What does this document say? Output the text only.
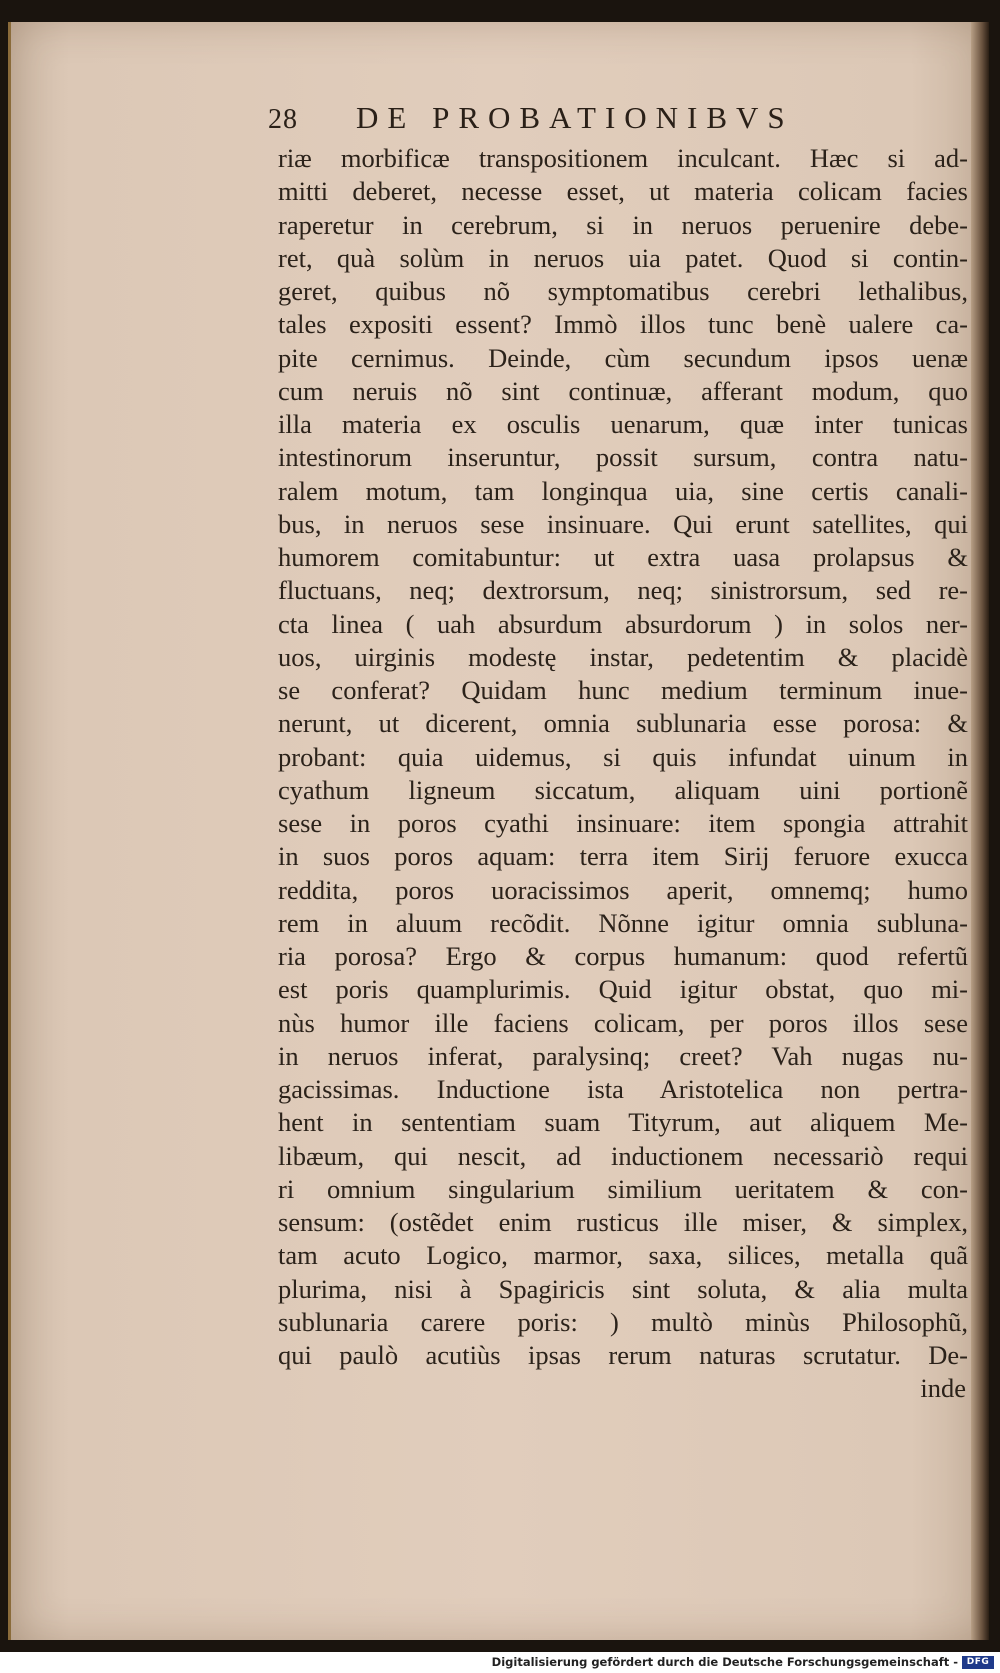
28 DE PROBATIONIBVS
riæ morbificæ transpositionem inculcant. Hæc si ad-
mitti deberet, necesse esset, ut materia colicam facies
raperetur in cerebrum, si in neruos peruenire debe-
ret, quà solùm in neruos uia patet. Quod si contin-
geret, quibus nõ symptomatibus cerebri lethalibus,
tales expositi essent? Immò illos tunc benè ualere ca-
pite cernimus. Deinde, cùm secundum ipsos uenæ
cum neruis nõ sint continuæ, afferant modum, quo
illa materia ex osculis uenarum, quæ inter tunicas
intestinorum inseruntur, possit sursum, contra natu-
ralem motum, tam longinqua uia, sine certis canali-
bus, in neruos sese insinuare. Qui erunt satellites, qui
humorem comitabuntur: ut extra uasa prolapsus &
fluctuans, neq; dextrorsum, neq; sinistrorsum, sed re-
cta linea ( uah absurdum absurdorum ) in solos ner-
uos, uirginis modestę instar, pedetentim & placidè
se conferat? Quidam hunc medium terminum inue-
nerunt, ut dicerent, omnia sublunaria esse porosa: &
probant: quia uidemus, si quis infundat uinum in
cyathum ligneum siccatum, aliquam uini portionẽ
sese in poros cyathi insinuare: item spongia attrahit
in suos poros aquam: terra item Sirij feruore exucca
reddita, poros uoracissimos aperit, omnemq; humo
rem in aluum recõdit. Nõnne igitur omnia subluna-
ria porosa? Ergo & corpus humanum: quod refertũ
est poris quamplurimis. Quid igitur obstat, quo mi-
nùs humor ille faciens colicam, per poros illos sese
in neruos inferat, paralysinq; creet? Vah nugas nu-
gacissimas. Inductione ista Aristotelica non pertra-
hent in sententiam suam Tityrum, aut aliquem Me-
libæum, qui nescit, ad inductionem necessariò requi
ri omnium singularium similium ueritatem & con-
sensum: (ostẽdet enim rusticus ille miser, & simplex,
tam acuto Logico, marmor, saxa, silices, metalla quã
plurima, nisi à Spagiricis sint soluta, & alia multa
sublunaria carere poris: ) multò minùs Philosophũ,
qui paulò acutiùs ipsas rerum naturas scrutatur. De-
inde
Digitalisierung gefördert durch die Deutsche Forschungsgemeinschaft - DFG
